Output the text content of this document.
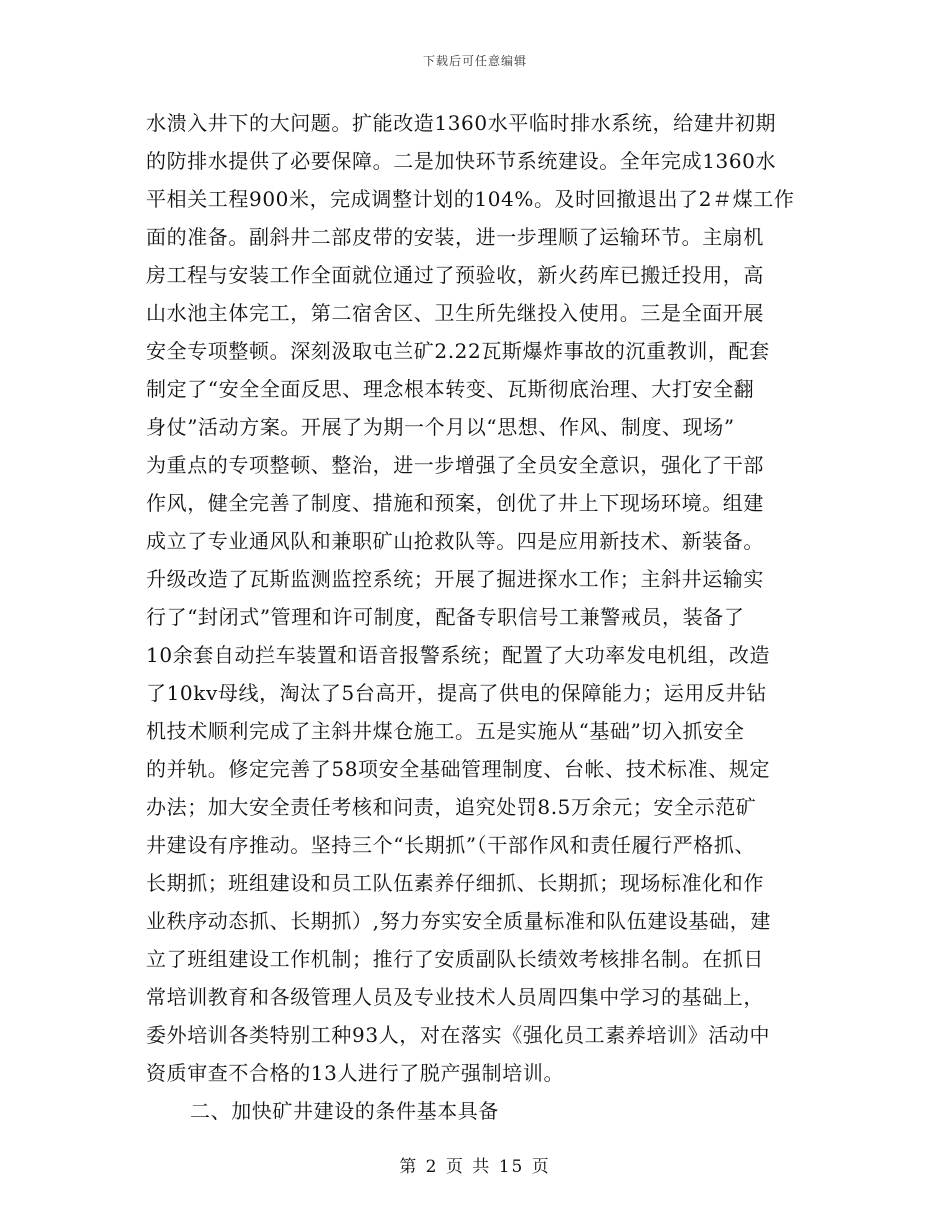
下载后可任意编辑
水溃入井下的大问题。扩能改造1360水平临时排水系统，给建井初期
的防排水提供了必要保障。二是加快环节系统建设。全年完成1360水
平相关工程900米，完成调整计划的104%。及时回撤退出了2＃煤工作
面的准备。副斜井二部皮带的安装，进一步理顺了运输环节。主扇机
房工程与安装工作全面就位通过了预验收，新火药库已搬迁投用，高
山水池主体完工，第二宿舍区、卫生所先继投入使用。三是全面开展
安全专项整顿。深刻汲取屯兰矿2.22瓦斯爆炸事故的沉重教训，配套
制定了“安全全面反思、理念根本转变、瓦斯彻底治理、大打安全翻
身仗”活动方案。开展了为期一个月以“思想、作风、制度、现场”
为重点的专项整顿、整治，进一步增强了全员安全意识，强化了干部
作风，健全完善了制度、措施和预案，创优了井上下现场环境。组建
成立了专业通风队和兼职矿山抢救队等。四是应用新技术、新装备。
升级改造了瓦斯监测监控系统；开展了掘进探水工作；主斜井运输实
行了“封闭式”管理和许可制度，配备专职信号工兼警戒员，装备了
10余套自动拦车装置和语音报警系统；配置了大功率发电机组，改造
了10kv母线，淘汰了5台高开，提高了供电的保障能力；运用反井钻
机技术顺利完成了主斜井煤仓施工。五是实施从“基础”切入抓安全
的并轨。修定完善了58项安全基础管理制度、台帐、技术标准、规定
办法；加大安全责任考核和问责，追究处罚8.5万余元；安全示范矿
井建设有序推动。坚持三个“长期抓”（干部作风和责任履行严格抓、
长期抓；班组建设和员工队伍素养仔细抓、长期抓；现场标准化和作
业秩序动态抓、长期抓）,努力夯实安全质量标准和队伍建设基础，建
立了班组建设工作机制；推行了安质副队长绩效考核排名制。在抓日
常培训教育和各级管理人员及专业技术人员周四集中学习的基础上，
委外培训各类特别工种93人，对在落实《强化员工素养培训》活动中
资质审查不合格的13人进行了脱产强制培训。
二、加快矿井建设的条件基本具备
第 2 页 共 15 页
